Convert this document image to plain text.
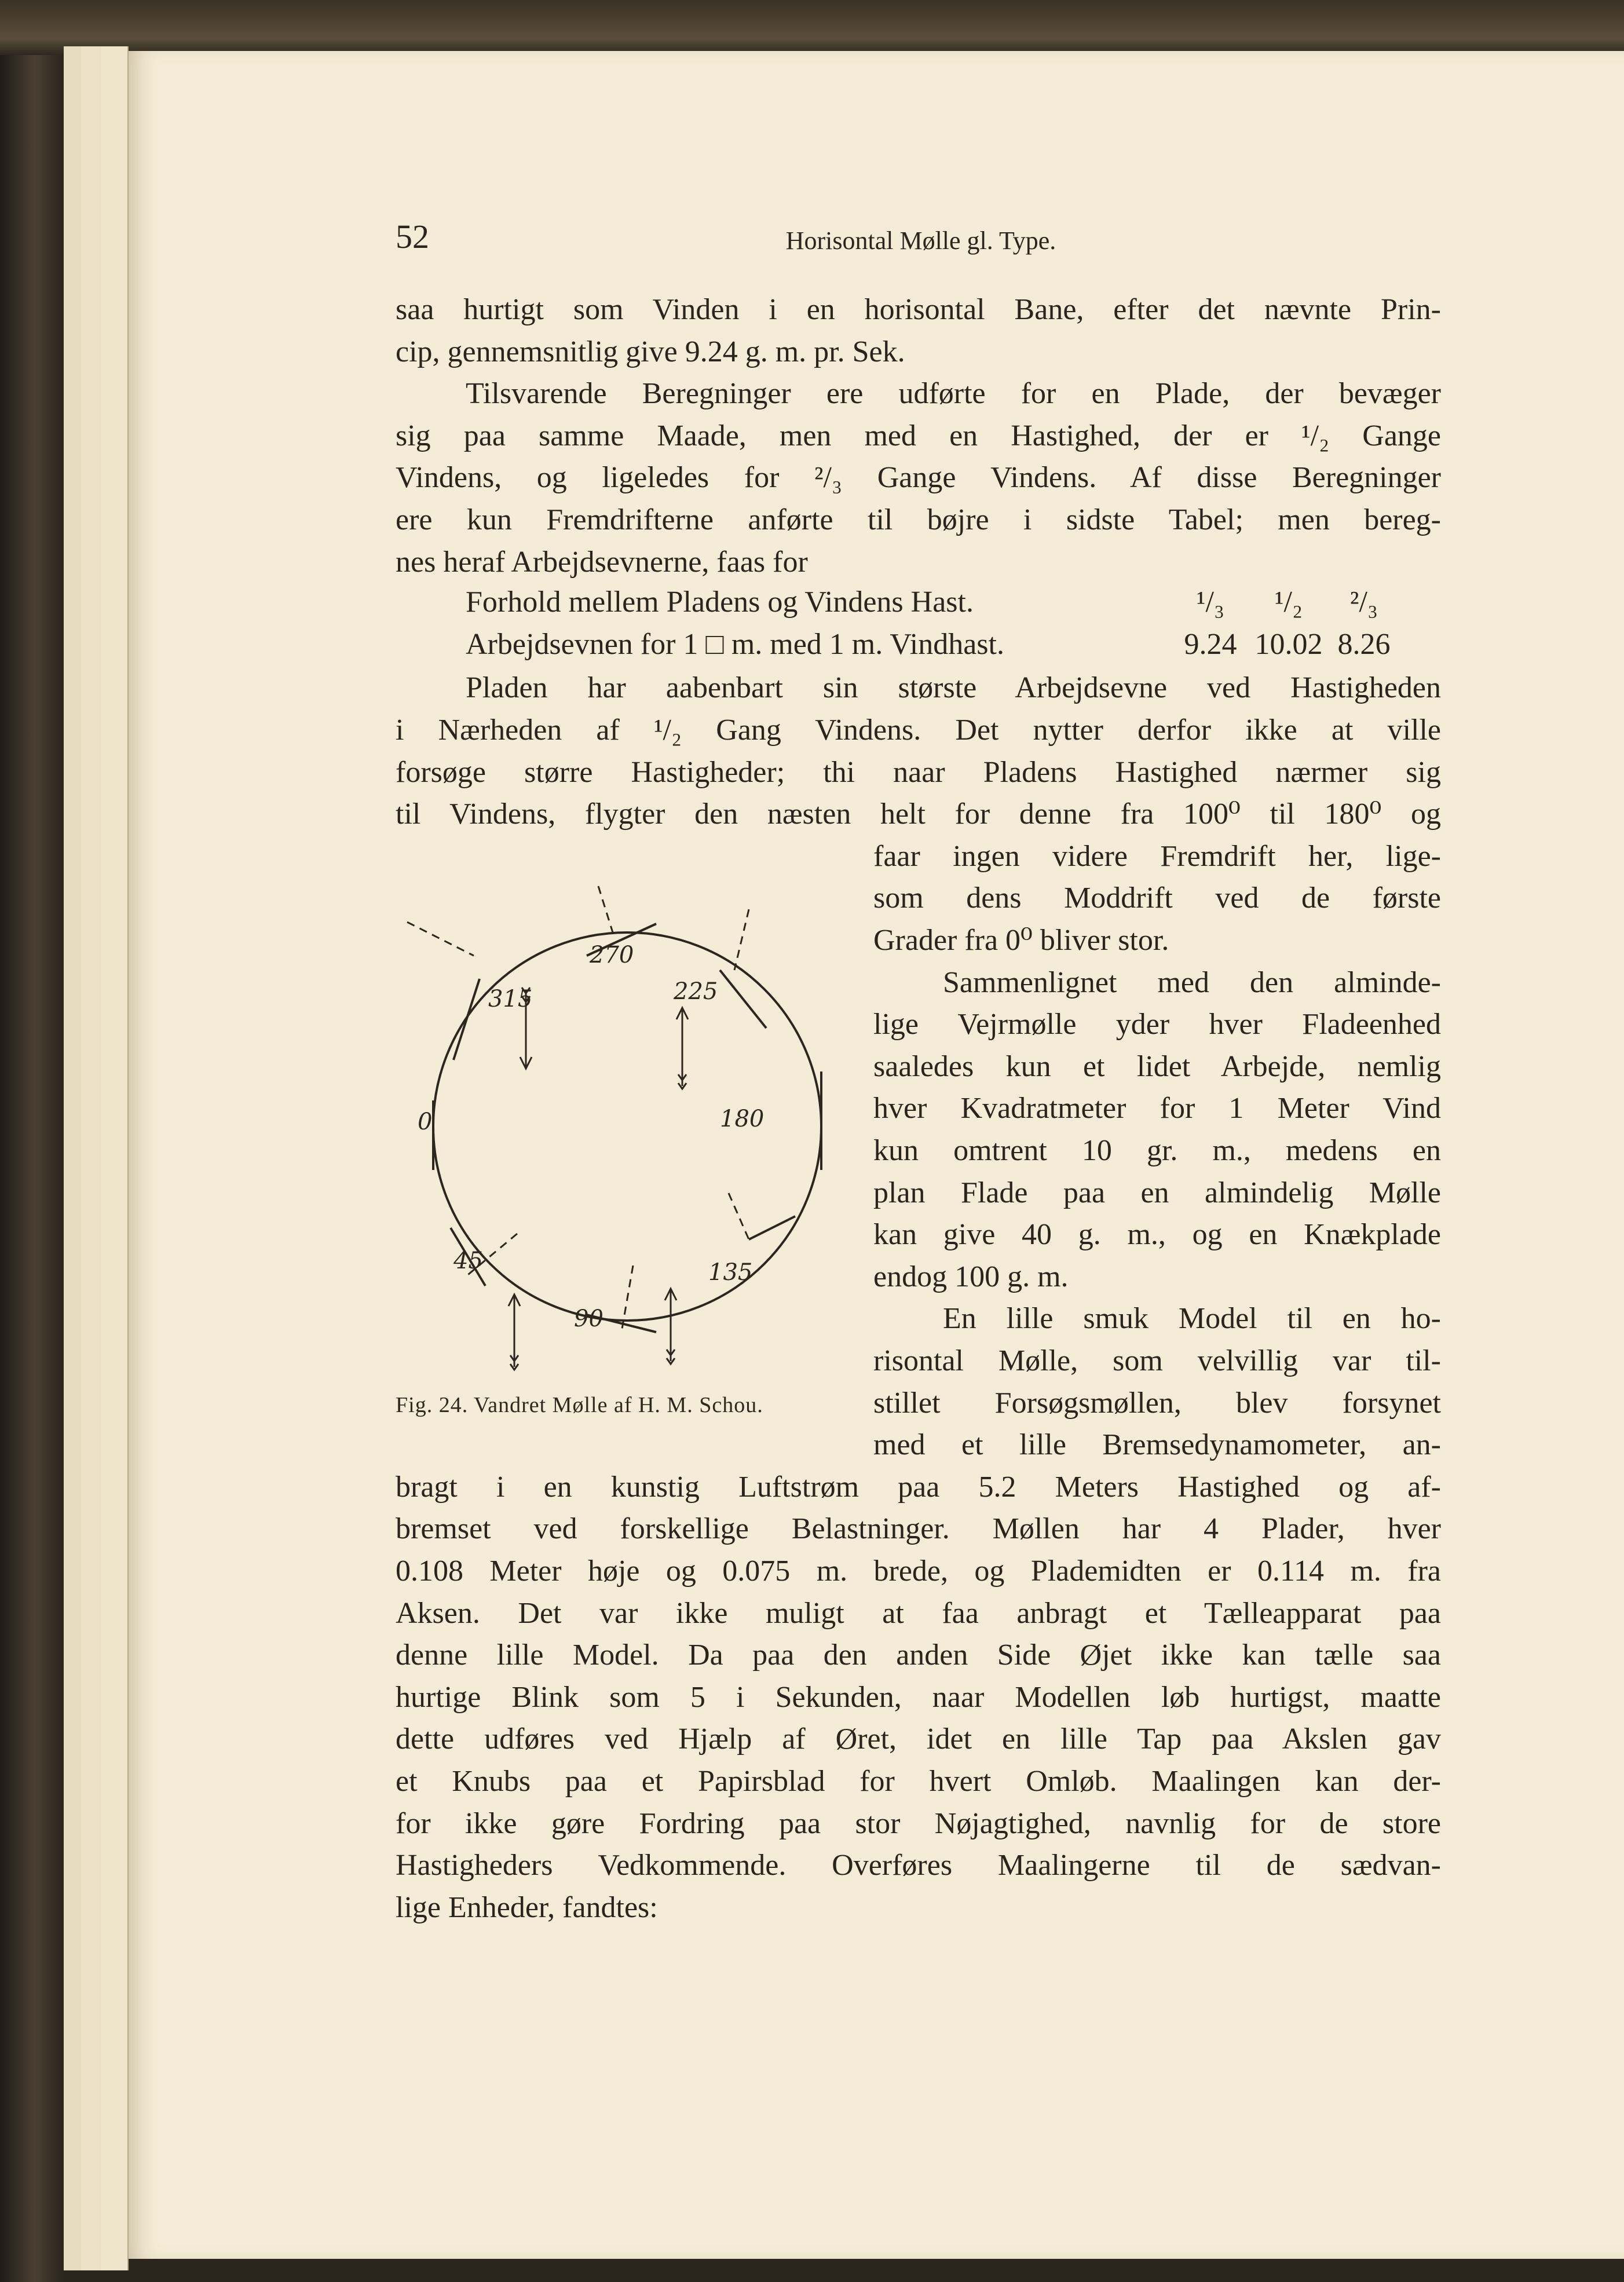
52	Horisontal Mølle gl. Type.
saa hurtigt som Vinden i en horisontal Bane, efter det nævnte Prin-
cip, gennemsnitlig give 9.24 g. m. pr. Sek.
Tilsvarende Beregninger ere udførte for en Plade, der bevæger
sig paa samme Maade, men med en Hastighed, der er ¹/₂ Gange
Vindens, og ligeledes for ²/₃ Gange Vindens. Af disse Beregninger
ere kun Fremdrifterne anførte til bøjre i sidste Tabel; men bereg-
nes heraf Arbejdsevnerne, faas for
Pladen har aabenbart sin største Arbejdsevne ved Hastigheden
i Nærheden af ¹/₂ Gang Vindens. Det nytter derfor ikke at ville
forsøge større Hastigheder; thi naar Pladens Hastighed nærmer sig
til Vindens, flygter den næsten helt for denne fra 100⁰ til 180⁰ og
faar ingen videre Fremdrift her, lige-
som dens Moddrift ved de første
Grader fra 0⁰ bliver stor.
Sammenlignet med den alminde-
lige Vejrmølle yder hver Fladeenhed
saaledes kun et lidet Arbejde, nemlig
hver Kvadratmeter for 1 Meter Vind
kun omtrent 10 gr. m., medens en
plan Flade paa en almindelig Mølle
kan give 40 g. m., og en Knækplade
endog 100 g. m.
En lille smuk Model til en ho-
risontal Mølle, som velvillig var til-
stillet Forsøgsmøllen, blev forsynet
med et lille Bremsedynamometer, an-
bragt i en kunstig Luftstrøm paa 5.2 Meters Hastighed og af-
bremset ved forskellige Belastninger. Møllen har 4 Plader, hver
0.108 Meter høje og 0.075 m. brede, og Plademidten er 0.114 m. fra
Aksen. Det var ikke muligt at faa anbragt et Tælleapparat paa
denne lille Model. Da paa den anden Side Øjet ikke kan tælle saa
hurtige Blink som 5 i Sekunden, naar Modellen løb hurtigst, maatte
dette udføres ved Hjælp af Øret, idet en lille Tap paa Akslen gav
et Knubs paa et Papirsblad for hvert Omløb. Maalingen kan der-
for ikke gøre Fordring paa stor Nøjagtighed, navnlig for de store
Hastigheders Vedkommende. Overføres Maalingerne til de sædvan-
lige Enheder, fandtes:
Forhold mellem Pladens og Vindens Hast.	¹/₃	¹/₂	²/₃
Arbejdsevnen for 1 □ m. med 1 m. Vindhast.	9.24 10.02 8.26
270
225
315
0	180
45	135
90
Fig. 24. Vandret Mølle af H. M. Schou.
